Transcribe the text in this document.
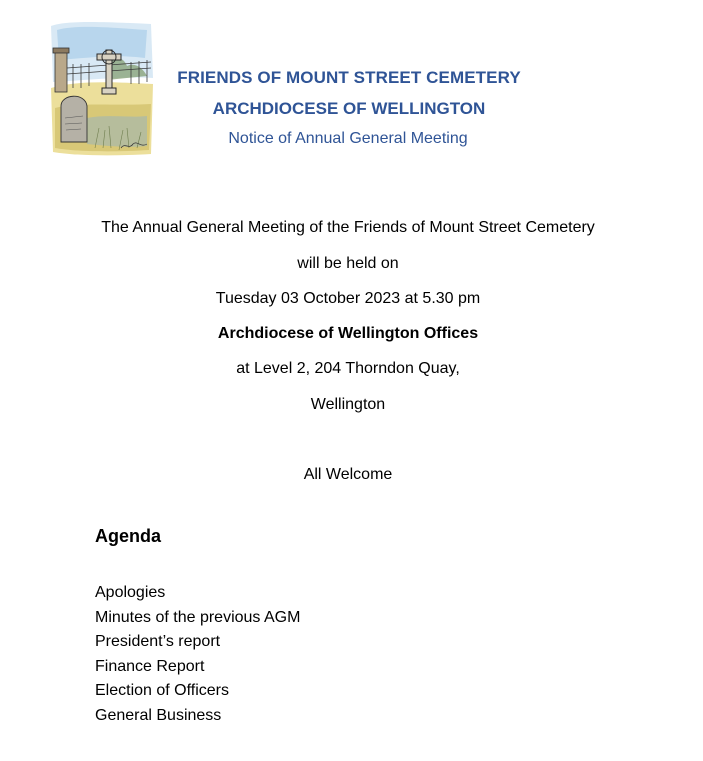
FRIENDS OF MOUNT STREET CEMETERY
ARCHDIOCESE OF WELLINGTON
Notice of Annual General Meeting
The Annual General Meeting of the Friends of Mount Street Cemetery
will be held on
Tuesday 03 October 2023 at 5.30 pm
Archdiocese of Wellington Offices
at Level 2, 204 Thorndon Quay,
Wellington
All Welcome
Agenda
Apologies
Minutes of the previous AGM
President’s report
Finance Report
Election of Officers
General Business
